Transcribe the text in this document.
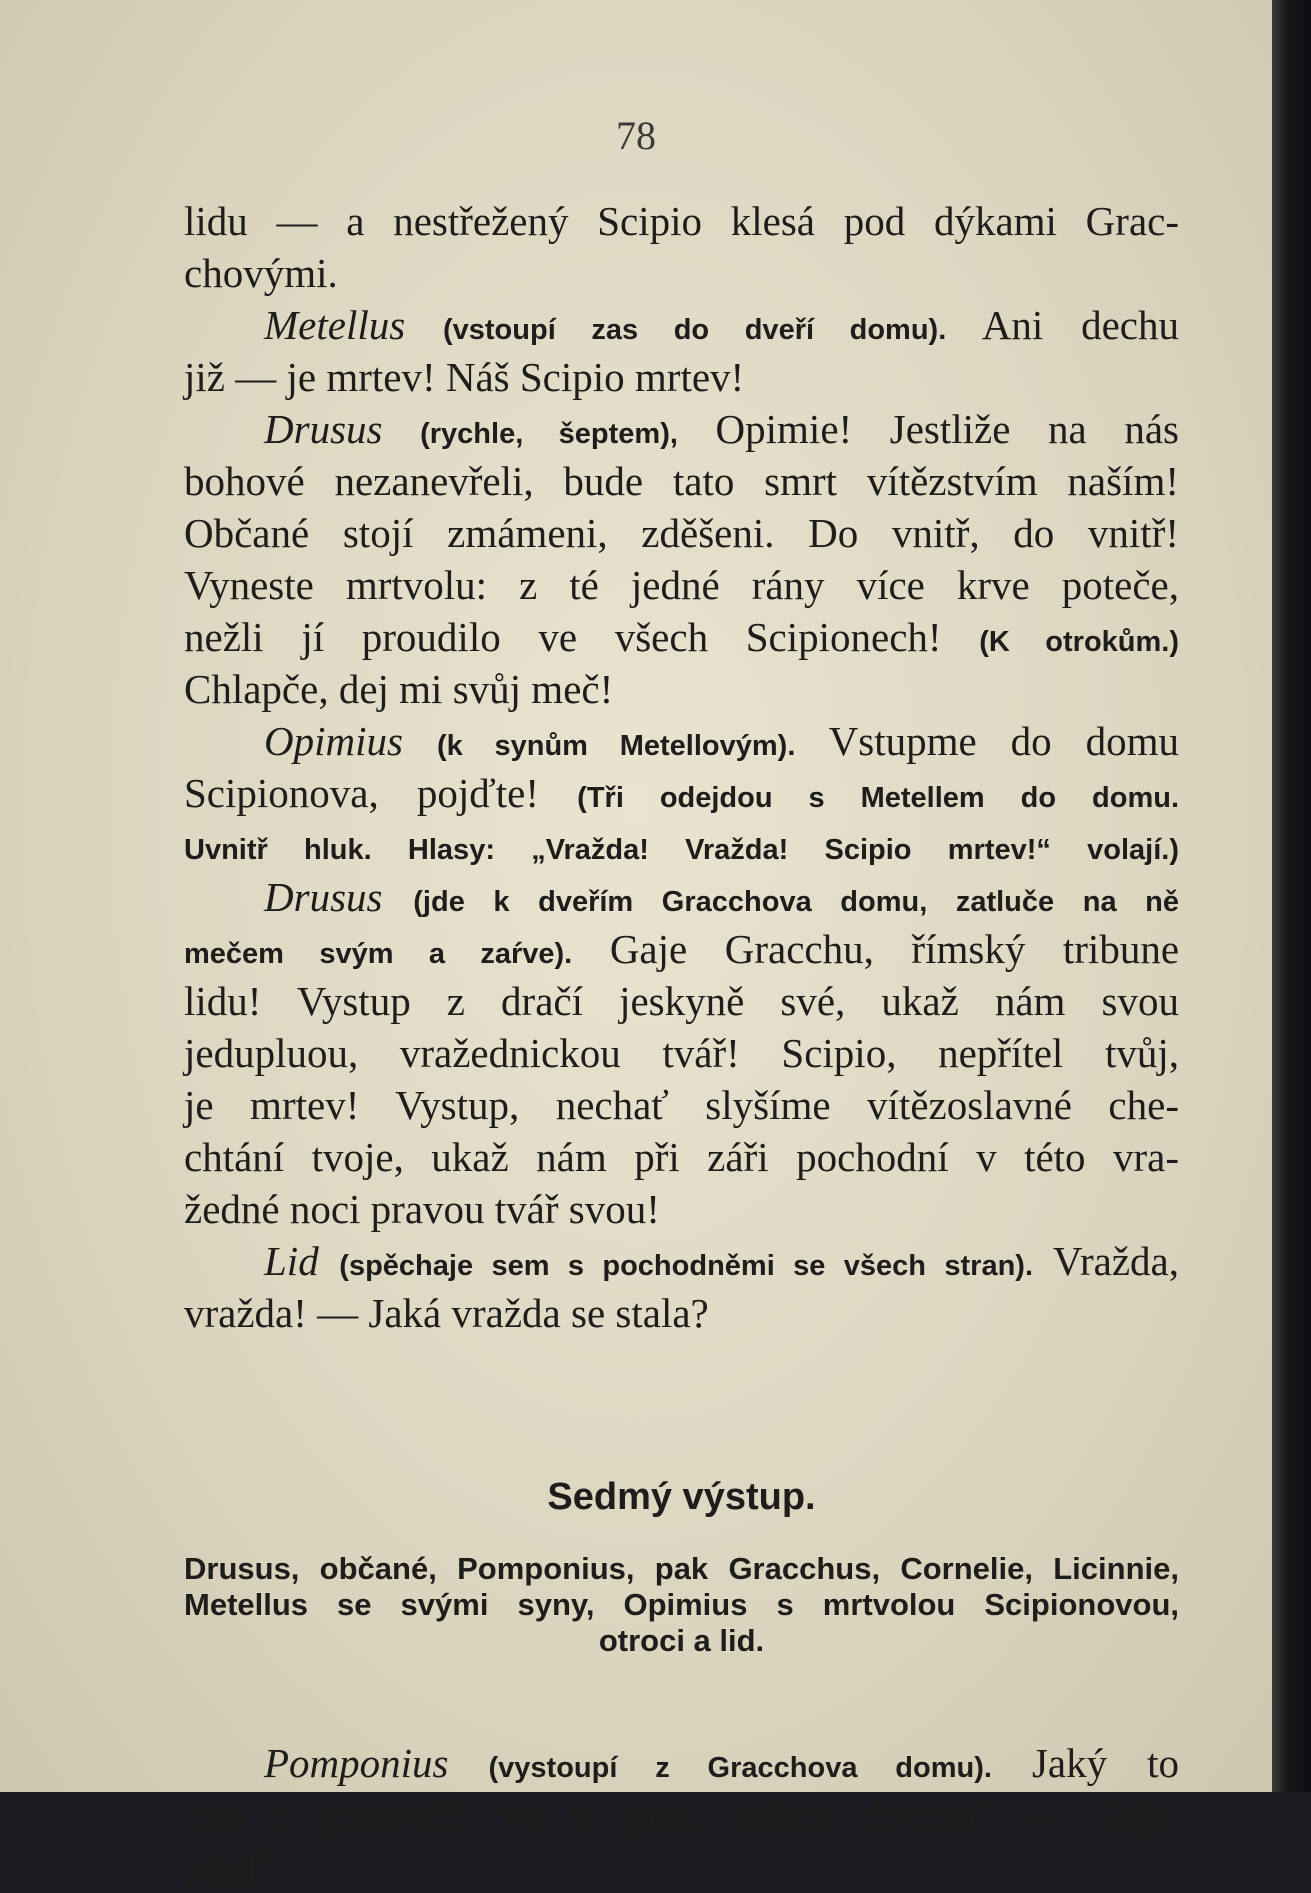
78
lidu — a nestřežený Scipio klesá pod dýkami Grac-
chovými.
Metellus (vstoupí zas do dveří domu). Ani dechu
již — je mrtev! Náš Scipio mrtev!
Drusus (rychle, šeptem), Opimie! Jestliže na nás
bohové nezanevřeli, bude tato smrt vítězstvím naším!
Občané stojí zmámeni, zděšeni. Do vnitř, do vnitř!
Vyneste mrtvolu: z té jedné rány více krve poteče,
nežli jí proudilo ve všech Scipionech! (K otrokům.)
Chlapče, dej mi svůj meč!
Opimius (k synům Metellovým). Vstupme do domu
Scipionova, pojďte! (Tři odejdou s Metellem do domu.
Uvnitř hluk. Hlasy: „Vražda! Vražda! Scipio mrtev!“ volají.)
Drusus (jde k dveřím Gracchova domu, zatluče na ně
mečem svým a zaŕve). Gaje Gracchu, římský tribune
lidu! Vystup z dračí jeskyně své, ukaž nám svou
jedupluou, vražednickou tvář! Scipio, nepřítel tvůj,
je mrtev! Vystup, nechať slyšíme vítězoslavné che-
chtání tvoje, ukaž nám při záři pochodní v této vra-
žedné noci pravou tvář svou!
Lid (spěchaje sem s pochodněmi se všech stran). Vražda,
vražda! — Jaká vražda se stala?
Sedmý výstup.
Drusus, občané, Pomponius, pak Gracchus, Cornelie, Licinnie,
Metellus se svými syny, Opimius s mrtvolou Scipionovou,
otroci a lid.
Pomponius (vystoupí z Gracchova domu). Jaký to
hlas z podsvětí řve tu před našimi dveřmi? — Gaje,
pojď!
